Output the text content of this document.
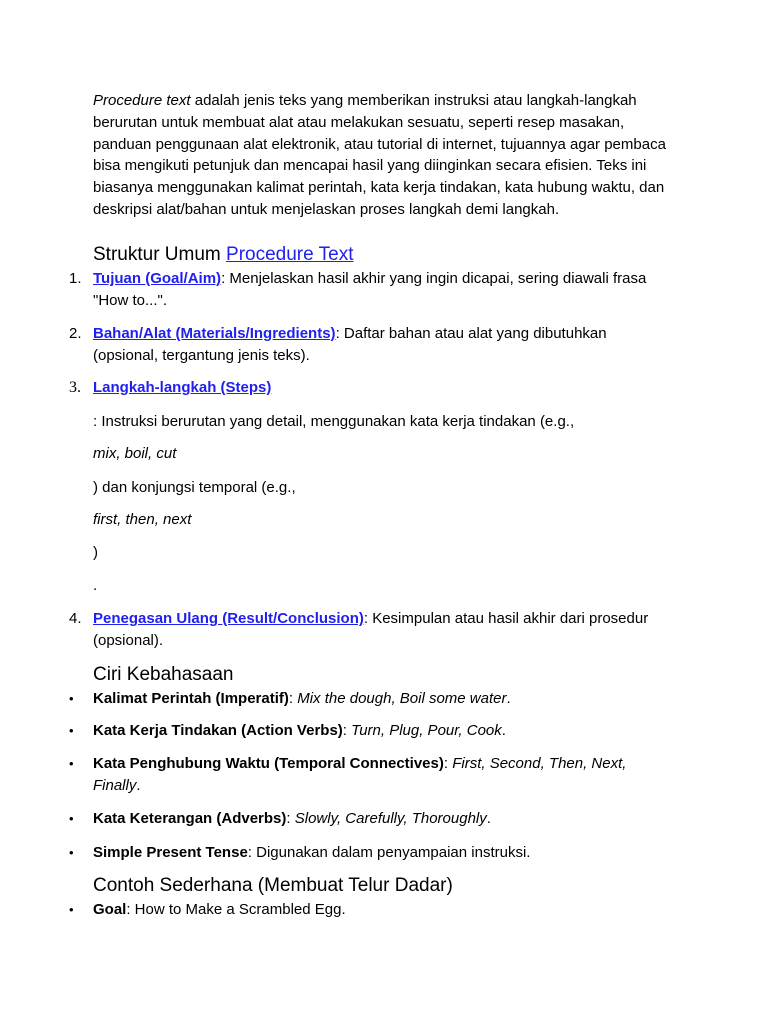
Procedure text adalah jenis teks yang memberikan instruksi atau langkah-langkah berurutan untuk membuat alat atau melakukan sesuatu, seperti resep masakan, panduan penggunaan alat elektronik, atau tutorial di internet, tujuannya agar pembaca bisa mengikuti petunjuk dan mencapai hasil yang diinginkan secara efisien. Teks ini biasanya menggunakan kalimat perintah, kata kerja tindakan, kata hubung waktu, dan deskripsi alat/bahan untuk menjelaskan proses langkah demi langkah.
Struktur Umum Procedure Text
1. Tujuan (Goal/Aim): Menjelaskan hasil akhir yang ingin dicapai, sering diawali frasa "How to...".
2. Bahan/Alat (Materials/Ingredients): Daftar bahan atau alat yang dibutuhkan (opsional, tergantung jenis teks).
3. Langkah-langkah (Steps)
: Instruksi berurutan yang detail, menggunakan kata kerja tindakan (e.g.,
mix, boil, cut
) dan konjungsi temporal (e.g.,
first, then, next
)
.
4. Penegasan Ulang (Result/Conclusion): Kesimpulan atau hasil akhir dari prosedur (opsional).
Ciri Kebahasaan
• Kalimat Perintah (Imperatif): Mix the dough, Boil some water.
• Kata Kerja Tindakan (Action Verbs): Turn, Plug, Pour, Cook.
• Kata Penghubung Waktu (Temporal Connectives): First, Second, Then, Next, Finally.
• Kata Keterangan (Adverbs): Slowly, Carefully, Thoroughly.
• Simple Present Tense: Digunakan dalam penyampaian instruksi.
Contoh Sederhana (Membuat Telur Dadar)
• Goal: How to Make a Scrambled Egg.
